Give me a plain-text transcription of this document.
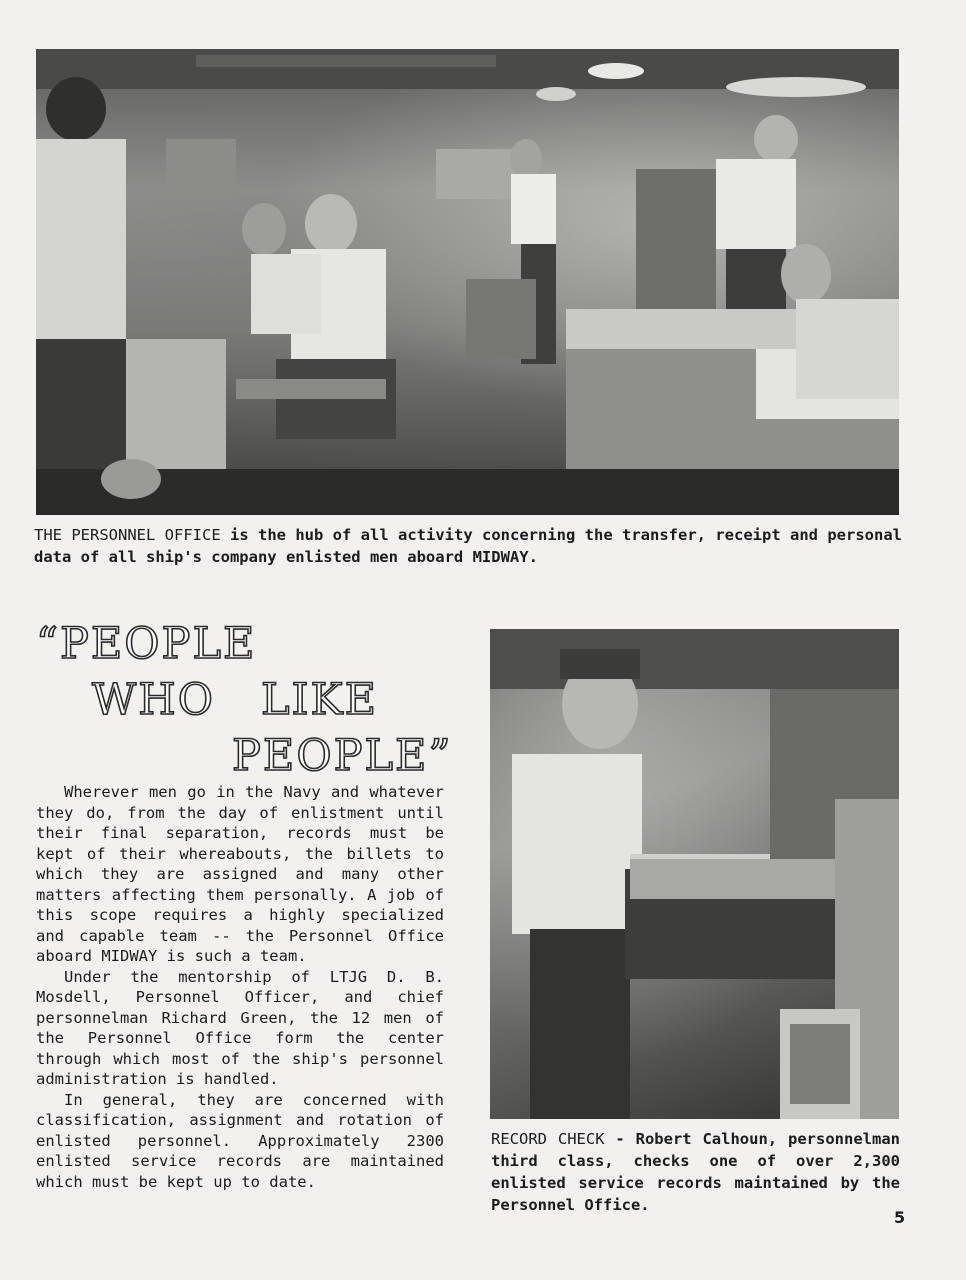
THE PERSONNEL OFFICE is the hub of all activity concerning the transfer, receipt and personal data of all ship's company enlisted men aboard MIDWAY.
“PEOPLE
WHO LIKE
PEOPLE”

Wherever men go in the Navy and whatever they do, from the day of enlistment until their final separation, records must be kept of their whereabouts, the billets to which they are assigned and many other matters affecting them personally. A job of this scope requires a highly specialized and capable team -- the Personnel Office aboard MIDWAY is such a team.

Under the mentorship of LTJG D. B. Mosdell, Personnel Officer, and chief personnelman Richard Green, the 12 men of the Personnel Office form the center through which most of the ship's personnel administration is handled.

In general, they are concerned with classification, assignment and rotation of enlisted personnel. Approximately 2300 enlisted service records are maintained which must be kept up to date.

RECORD CHECK - Robert Calhoun, personnelman third class, checks one of over 2,300 enlisted service records maintained by the Personnel Office.
5
